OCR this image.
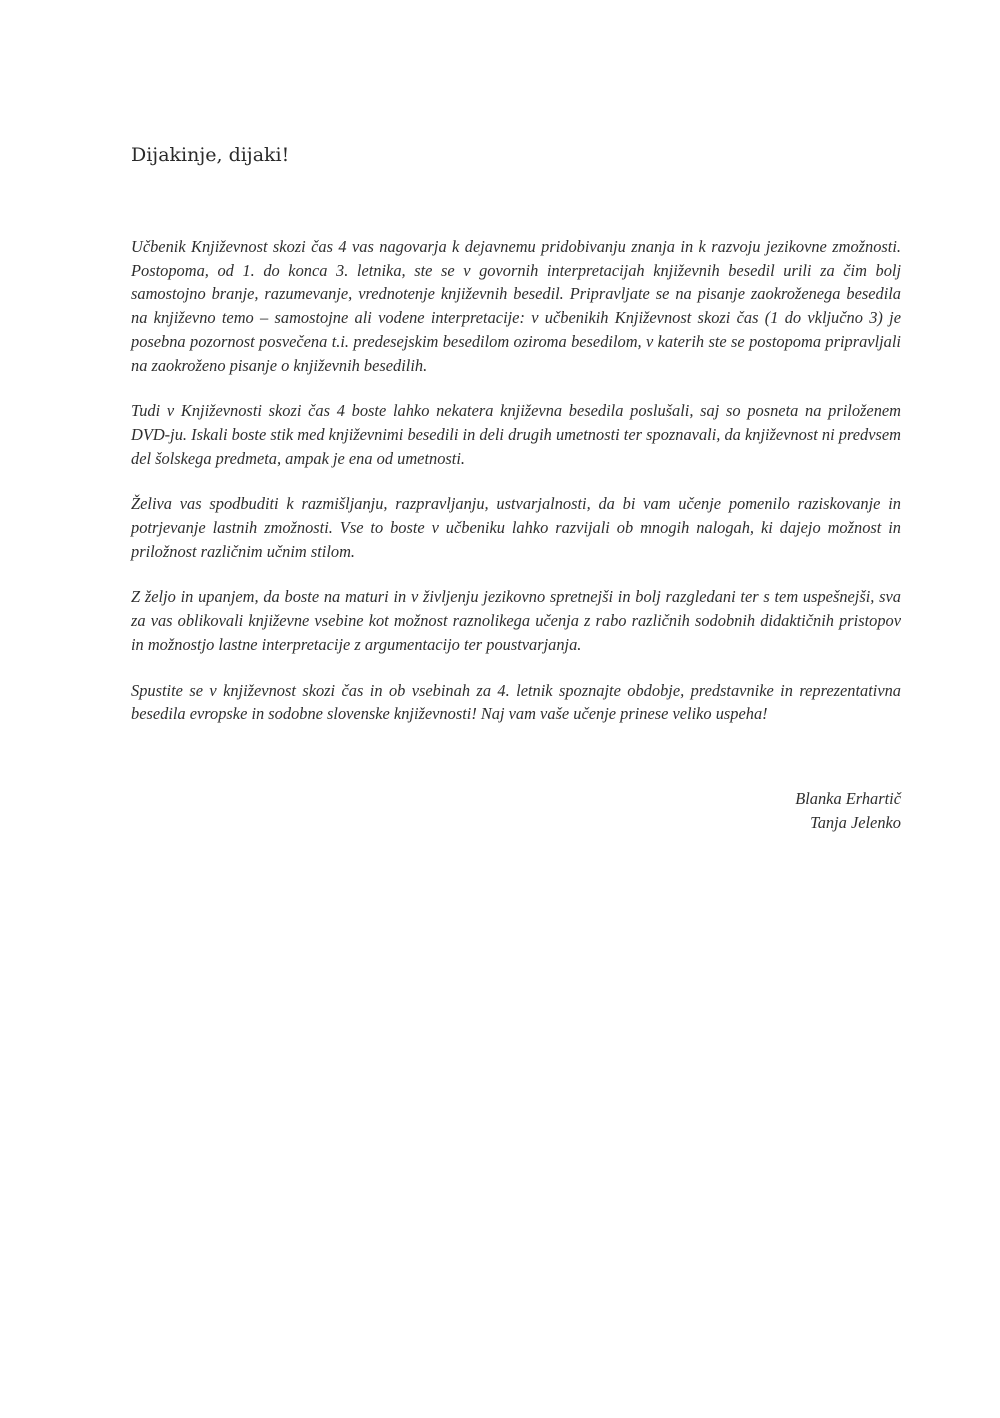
Dijakinje, dijaki!

Učbenik Književnost skozi čas 4 vas nagovarja k dejavnemu pridobivanju znanja in k razvoju jezikovne zmožnosti. Postopoma, od 1. do konca 3. letnika, ste se v govornih interpretacijah književnih besedil urili za čim bolj samostojno branje, razumevanje, vrednotenje književnih besedil. Pripravljate se na pisanje zaokroženega besedila na književno temo – samostojne ali vodene interpretacije: v učbenikih Književnost skozi čas (1 do vključno 3) je posebna pozornost posvečena t.i. predesejskim besedilom oziroma besedilom, v katerih ste se postopoma pripravljali na zaokroženo pisanje o književnih besedilih.

Tudi v Književnosti skozi čas 4 boste lahko nekatera književna besedila poslušali, saj so posneta na priloženem DVD-ju. Iskali boste stik med književnimi besedili in deli drugih umetnosti ter spoznavali, da književnost ni predvsem del šolskega predmeta, ampak je ena od umetnosti.

Želiva vas spodbuditi k razmišljanju, razpravljanju, ustvarjalnosti, da bi vam učenje pomenilo raziskovanje in potrjevanje lastnih zmožnosti. Vse to boste v učbeniku lahko razvijali ob mnogih nalogah, ki dajejo možnost in priložnost različnim učnim stilom.

Z željo in upanjem, da boste na maturi in v življenju jezikovno spretnejši in bolj razgledani ter s tem uspešnejši, sva za vas oblikovali književne vsebine kot možnost raznolikega učenja z rabo različnih sodobnih didaktičnih pristopov in možnostjo lastne interpretacije z argumentacijo ter poustvarjanja.

Spustite se v književnost skozi čas in ob vsebinah za 4. letnik spoznajte obdobje, predstavnike in reprezentativna besedila evropske in sodobne slovenske književnosti! Naj vam vaše učenje prinese veliko uspeha!

Blanka Erhartič
Tanja Jelenko
